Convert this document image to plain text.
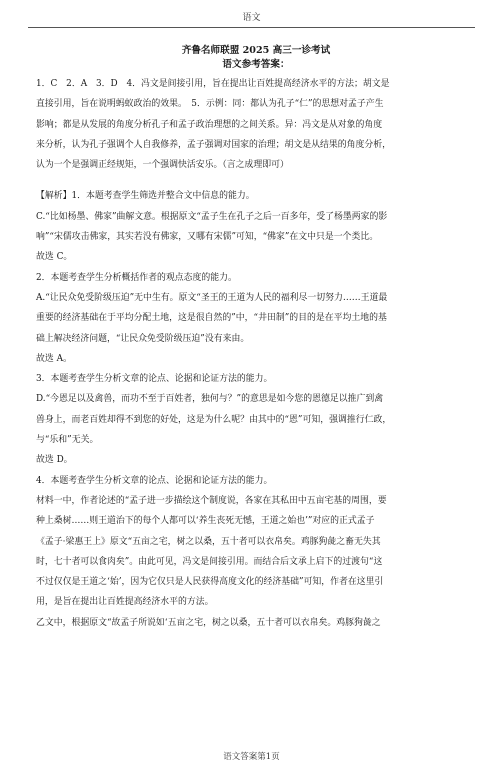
语文
齐鲁名师联盟 2025 高三一诊考试
语文参考答案：

1．C　2．A　3．D　4．冯文是间接引用，旨在提出让百姓提高经济水平的方法；胡文是

直接引用，旨在说明蚂蚁政治的效果。　5．示例：同：都认为孔子“仁”的思想对孟子产生

影响；都是从发展的角度分析孔子和孟子政治理想的之间关系。异：冯文是从对象的角度

来分析，认为孔子强调个人自我修养，孟子强调对国家的治理；胡文是从结果的角度分析，

认为一个是强调正经规矩，一个强调快活安乐。（言之成理即可）

【解析】1．本题考查学生筛选并整合文中信息的能力。

C.“比如杨墨、佛家”曲解文意。根据原文“孟子生在孔子之后一百多年，受了杨墨两家的影

响”“宋儒攻击佛家，其实若没有佛家，又哪有宋儒”可知，“佛家”在文中只是一个类比。

故选 C。

2．本题考查学生分析概括作者的观点态度的能力。

A.“让民众免受阶级压迫”无中生有。原文“圣王的王道为人民的福利尽一切努力……王道最

重要的经济基础在于平均分配土地，这是很自然的”中，“井田制”的目的是在平均土地的基

础上解决经济问题，“让民众免受阶级压迫”没有来由。

故选 A。

3．本题考查学生分析文章的论点、论据和论证方法的能力。

D.“今恩足以及禽兽，而功不至于百姓者，独何与？”的意思是如今您的恩德足以推广到禽

兽身上，而老百姓却得不到您的好处，这是为什么呢？由其中的“恩”可知，强调推行仁政，

与“乐和”无关。

故选 D。

4．本题考查学生分析文章的论点、论据和论证方法的能力。

材料一中，作者论述的“孟子进一步描绘这个制度说，各家在其私田中五亩宅基的周围，要

种上桑树……则王道治下的每个人都可以‘养生丧死无憾，王道之始也’”对应的正式孟子

《孟子·梁惠王上》原文“五亩之宅，树之以桑，五十者可以衣帛矣。鸡豚狗彘之畜无失其

时，七十者可以食肉矣”。由此可见，冯文是间接引用。而结合后文承上启下的过渡句“这

不过仅仅是王道之‘始’，因为它仅只是人民获得高度文化的经济基础”可知，作者在这里引

用，是旨在提出让百姓提高经济水平的方法。

乙文中，根据原文“故孟子所说如‘五亩之宅，树之以桑，五十者可以衣帛矣。鸡豚狗彘之

语文答案第1页
